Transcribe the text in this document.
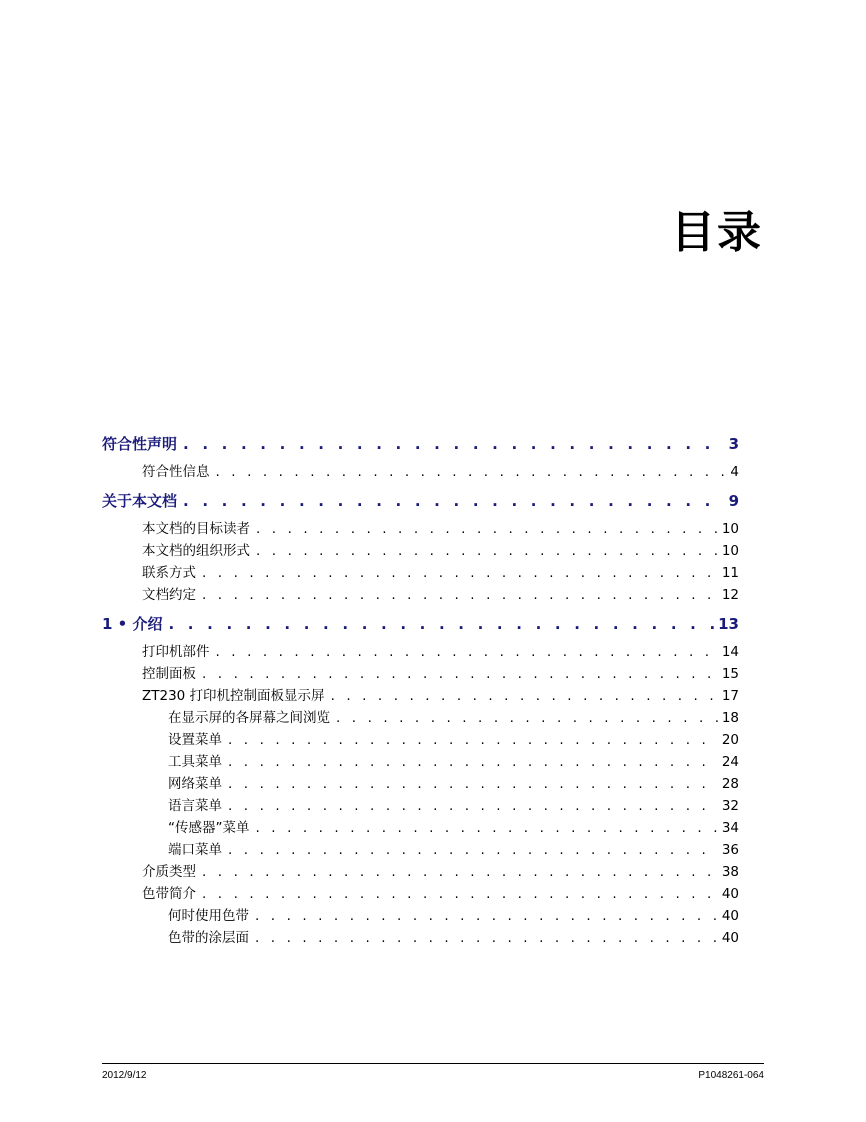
目录
符合性声明 . . .	3
符合性信息 . . .	4
关于本文档 . . .	9
本文档的目标读者 . . .	10
本文档的组织形式 . . .	10
联系方式 . . .	11
文档约定 . . .	12
1 • 介绍 . . .	13
打印机部件 . . .	14
控制面板 . . .	15
ZT230 打印机控制面板显示屏 . . .	17
在显示屏的各屏幕之间浏览 . . .	18
设置菜单 . . .	20
工具菜单 . . .	24
网络菜单 . . .	28
语言菜单 . . .	32
“传感器”菜单 . . .	34
端口菜单 . . .	36
介质类型 . . .	38
色带简介 . . .	40
何时使用色带 . . .	40
色带的涂层面 . . .	40
2012/9/12	P1048261-064
